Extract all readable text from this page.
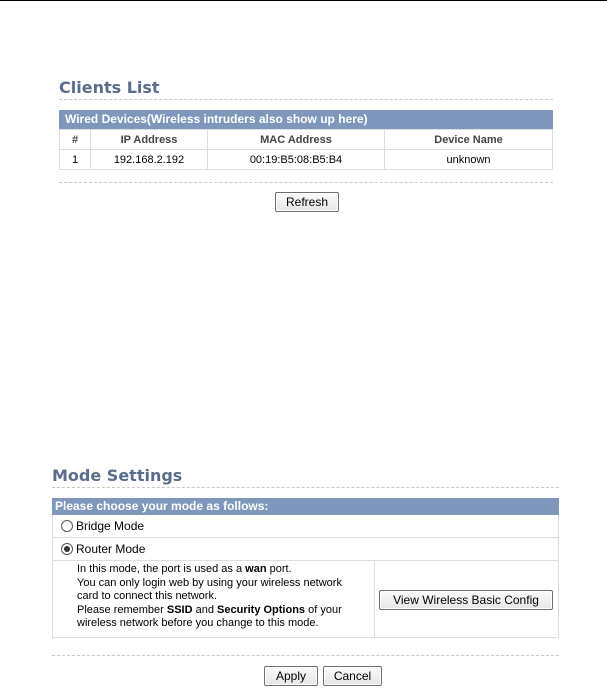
Clients List
Wired Devices(Wireless intruders also show up here)
#	IP Address	MAC Address	Device Name
1	192.168.2.192	00:19:B5:08:B5:B4	unknown
Refresh
Mode Settings
Please choose your mode as follows:
Bridge Mode
Router Mode
In this mode, the port is used as a wan port.
You can only login web by using your wireless network
card to connect this network.
Please remember SSID and Security Options of your
wireless network before you change to this mode.
View Wireless Basic Config
Apply	Cancel
